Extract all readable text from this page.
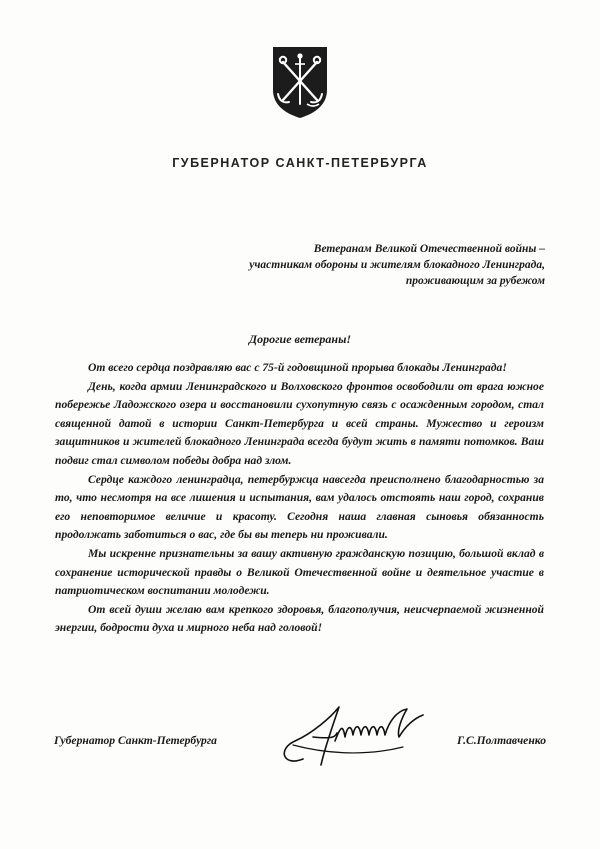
ГУБЕРНАТОР САНКТ-ПЕТЕРБУРГА
Ветеранам Великой Отечественной войны –
участникам обороны и жителям блокадного Ленинграда,
проживающим за рубежом
Дорогие ветераны!

От всего сердца поздравляю вас с 75-й годовщиной прорыва блокады Ленинграда!

День, когда армии Ленинградского и Волховского фронтов освободили от врага южное побережье Ладожского озера и восстановили сухопутную связь с осажденным городом, стал священной датой в истории Санкт-Петербурга и всей страны. Мужество и героизм защитников и жителей блокадного Ленинграда всегда будут жить в памяти потомков. Ваш подвиг стал символом победы добра над злом.

Сердце каждого ленинградца, петербуржца навсегда преисполнено благодарностью за то, что несмотря на все лишения и испытания, вам удалось отстоять наш город, сохранив его неповторимое величие и красоту. Сегодня наша главная сыновья обязанность продолжать заботиться о вас, где бы вы теперь ни проживали.

Мы искренне признательны за вашу активную гражданскую позицию, большой вклад в сохранение исторической правды о Великой Отечественной войне и деятельное участие в патриотическом воспитании молодежи.

От всей души желаю вам крепкого здоровья, благополучия, неисчерпаемой жизненной энергии, бодрости духа и мирного неба над головой!

Губернатор Санкт-Петербурга	Г.С.Полтавченко
